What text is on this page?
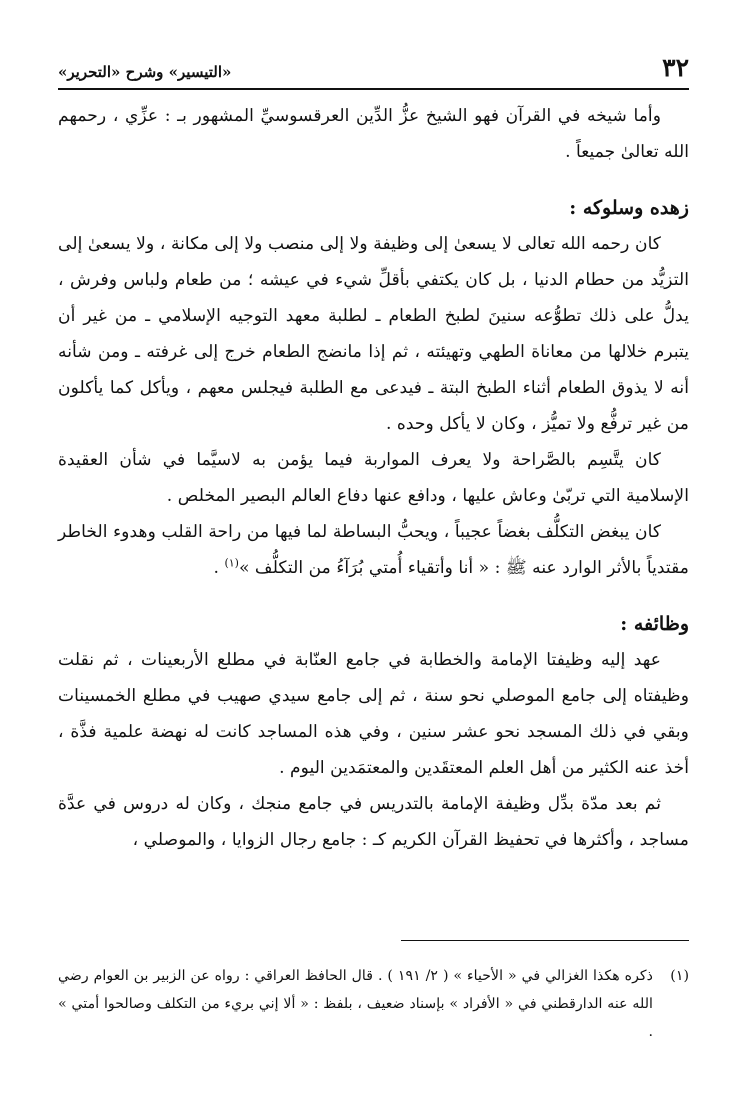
٣٢
«التيسير» وشرح «التحرير»

وأما شيخه في القرآن فهو الشيخ عزُّ الدِّين العرقسوسيِّ المشهور بـ : عزِّي ، رحمهم الله تعالىٰ جميعاً .

زهده وسلوكه :

كان رحمه الله تعالى لا يسعىٰ إلى وظيفة ولا إلى منصب ولا إلى مكانة ، ولا يسعىٰ إلى التزيُّد من حطام الدنيا ، بل كان يكتفي بأقلِّ شيء في عيشه ؛ من طعام ولباس وفرش ، يدلُّ على ذلك تطوُّعه سنينَ لطبخ الطعام ـ لطلبة معهد التوجيه الإسلامي ـ من غير أن يتبرم خلالها من معاناة الطهي وتهيئته ، ثم إذا مانضج الطعام خرج إلى غرفته ـ ومن شأنه أنه لا يذوق الطعام أثناء الطبخ البتة ـ فيدعى مع الطلبة فيجلس معهم ، ويأكل كما يأكلون من غير ترفُّع ولا تميُّز ، وكان لا يأكل وحده .

كان يتَّسِم بالصَّراحة ولا يعرف المواربة فيما يؤمن به لاسيَّما في شأن العقيدة الإسلامية التي تربّىٰ وعاش عليها ، ودافع عنها دفاع العالم البصير المخلص .

كان يبغض التكلُّف بغضاً عجيباً ، ويحبُّ البساطة لما فيها من راحة القلب وهدوء الخاطر مقتدياً بالأثر الوارد عنه ﷺ : « أنا وأتقياء أُمتي بُرَآءُ من التكلُّف »$^{(١)}$ .

وظائفه :

عهد إليه وظيفتا الإمامة والخطابة في جامع العنّابة في مطلع الأربعينات ، ثم نقلت وظيفتاه إلى جامع الموصلي نحو سنة ، ثم إلى جامع سيدي صهيب في مطلع الخمسينات وبقي في ذلك المسجد نحو عشر سنين ، وفي هذه المساجد كانت له نهضة علمية فذَّة ، أخذ عنه الكثير من أهل العلم المعتقَدين والمعتمَدين اليوم .

ثم بعد مدّة بدِّل وظيفة الإمامة بالتدريس في جامع منجك ، وكان له دروس في عدَّة مساجد ، وأكثرها في تحفيظ القرآن الكريم كـ : جامع رجال الزوايا ، والموصلي ،

(١)

ذكره هكذا الغزالي في « الأحياء » ( ٢/ ١٩١ ) . قال الحافظ العراقي : رواه عن الزبير بن العوام رضي الله عنه الدارقطني في « الأفراد » بإسناد ضعيف ، بلفظ : « ألا إني بريء من التكلف وصالحوا أمتي » .
